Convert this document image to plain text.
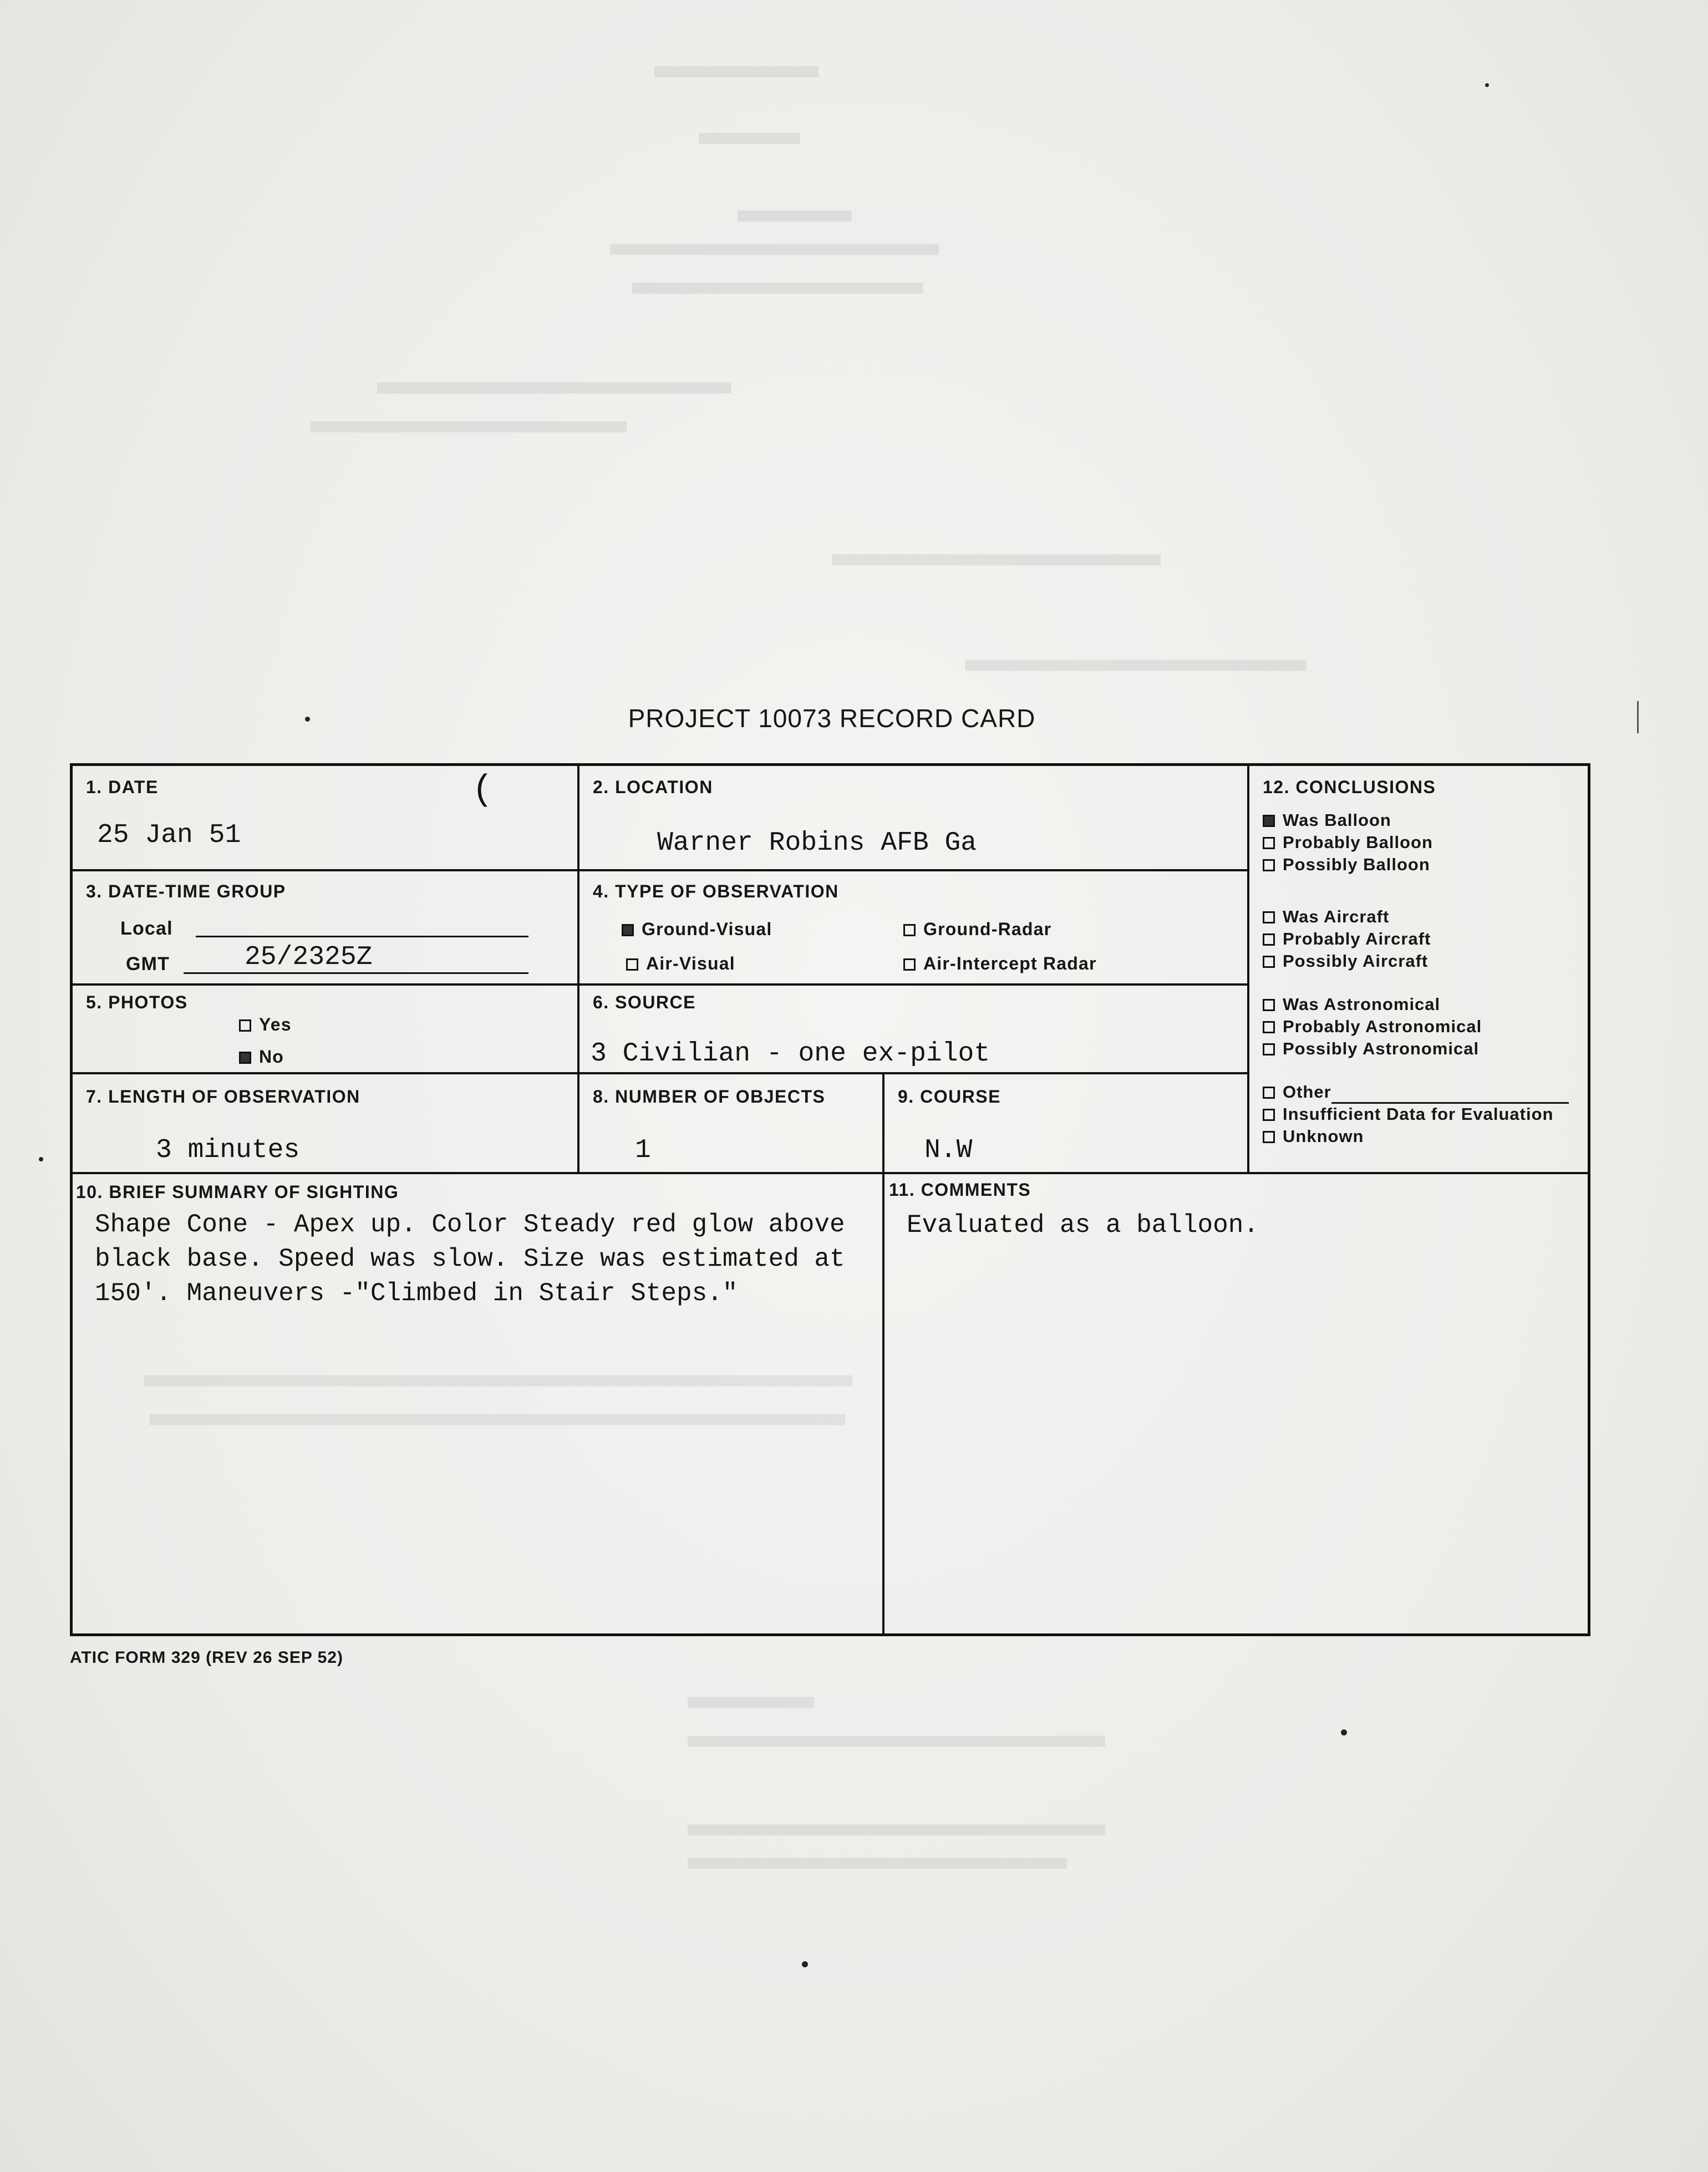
▀▀▀▀▀▀▀▀▀▀▀▀▀
▀▀▀▀▀▀▀▀
▀▀▀▀▀▀▀▀▀
▀▀▀▀▀▀▀▀▀▀▀▀▀▀▀▀▀▀▀▀▀▀▀▀▀▀
▀▀▀▀▀▀▀▀▀▀▀▀▀▀▀▀▀▀▀▀▀▀▀
▀▀▀▀▀▀▀▀▀▀▀▀▀▀▀▀▀▀▀▀▀▀▀▀▀▀▀▀
▀▀▀▀▀▀▀▀▀▀▀▀▀▀▀▀▀▀▀▀▀▀▀▀▀
▀▀▀▀▀▀▀▀▀▀▀▀▀▀▀▀▀▀▀▀▀▀▀▀▀▀
▀▀▀▀▀▀▀▀▀▀▀▀▀▀▀▀▀▀▀▀▀▀▀▀▀▀▀
▀▀▀▀▀▀▀▀▀▀▀▀▀▀▀▀▀▀▀▀▀▀▀▀▀▀▀▀▀▀▀▀▀▀▀▀▀▀▀▀▀▀▀▀▀▀▀▀▀▀▀▀▀▀▀▀
▀▀▀▀▀▀▀▀▀▀▀▀▀▀▀▀▀▀▀▀▀▀▀▀▀▀▀▀▀▀▀▀▀▀▀▀▀▀▀▀▀▀▀▀▀▀▀▀▀▀▀▀▀▀▀
▀▀▀▀▀▀▀▀▀▀
▀▀▀▀▀▀▀▀▀▀▀▀▀▀▀▀▀▀▀▀▀▀▀▀▀▀▀▀▀▀▀▀▀
▀▀▀▀▀▀▀▀▀▀▀▀▀▀▀▀▀▀▀▀▀▀▀▀▀▀▀▀▀▀▀▀▀
▀▀▀▀▀▀▀▀▀▀▀▀▀▀▀▀▀▀▀▀▀▀▀▀▀▀▀▀▀▀
PROJECT 10073 RECORD CARD
1. DATE
25 Jan 51
(	2. LOCATION
Warner Robins AFB Ga
3. DATE-TIME GROUP
Local
GMT	25/2325Z
4. TYPE OF OBSERVATION
Ground-Visual	Ground-Radar
Air-Visual	Air-Intercept Radar
5. PHOTOS
Yes
No
6. SOURCE
3 Civilian - one ex-pilot
7. LENGTH OF OBSERVATION
3 minutes
8. NUMBER OF OBJECTS
1
9. COURSE
N.W
12. CONCLUSIONS
Was Balloon
Probably Balloon
Possibly Balloon
Was Aircraft
Probably Aircraft
Possibly Aircraft
Was Astronomical
Probably Astronomical
Possibly Astronomical
Other
Insufficient Data for Evaluation
Unknown
10. BRIEF SUMMARY OF SIGHTING
Shape Cone - Apex up. Color Steady red glow above black base. Speed was slow. Size was estimated at 150'. Maneuvers -"Climbed in Stair Steps."
11. COMMENTS
Evaluated as a balloon.
ATIC FORM 329 (REV 26 SEP 52)
